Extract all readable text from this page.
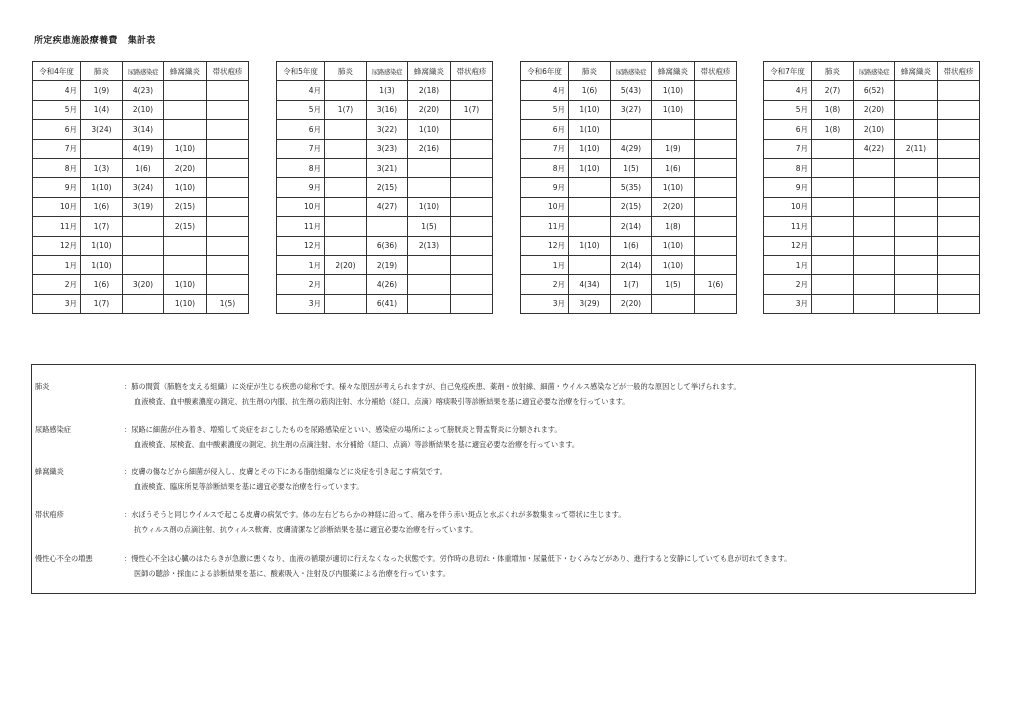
所定疾患施設療養費 集計表
令和4年度	肺炎	尿路感染症	蜂窩織炎	帯状疱疹
4月	1(9)	4(23)		
5月	1(4)	2(10)		
6月	3(24)	3(14)		
7月		4(19)	1(10)	
8月	1(3)	1(6)	2(20)	
9月	1(10)	3(24)	1(10)	
10月	1(6)	3(19)	2(15)	
11月	1(7)		2(15)	
12月	1(10)			
1月	1(10)			
2月	1(6)	3(20)	1(10)	
3月	1(7)		1(10)	1(5)
令和5年度	肺炎	尿路感染症	蜂窩織炎	帯状疱疹
4月		1(3)	2(18)	
5月	1(7)	3(16)	2(20)	1(7)
6月		3(22)	1(10)	
7月		3(23)	2(16)	
8月		3(21)		
9月		2(15)		
10月		4(27)	1(10)	
11月			1(5)	
12月		6(36)	2(13)	
1月	2(20)	2(19)		
2月		4(26)		
3月		6(41)		
令和6年度	肺炎	尿路感染症	蜂窩織炎	帯状疱疹
4月	1(6)	5(43)	1(10)	
5月	1(10)	3(27)	1(10)	
6月	1(10)			
7月	1(10)	4(29)	1(9)	
8月	1(10)	1(5)	1(6)	
9月		5(35)	1(10)	
10月		2(15)	2(20)	
11月		2(14)	1(8)	
12月	1(10)	1(6)	1(10)	
1月		2(14)	1(10)	
2月	4(34)	1(7)	1(5)	1(6)
3月	3(29)	2(20)		
令和7年度	肺炎	尿路感染症	蜂窩織炎	帯状疱疹
4月	2(7)	6(52)		
5月	1(8)	2(20)		
6月	1(8)	2(10)		
7月		4(22)	2(11)	
8月				
9月				
10月				
11月				
12月				
1月				
2月				
3月				
肺炎	：肺の間質（肺胞を支える組織）に炎症が生じる疾患の総称です。様々な原因が考えられますが、自己免疫疾患、薬剤・放射線、細菌・ウイルス感染などが一般的な原因として挙げられます。
血液検査、血中酸素濃度の測定、抗生剤の内服、抗生剤の筋肉注射、水分補給（経口、点滴）喀痰吸引等診断結果を基に適宜必要な治療を行っています。
尿路感染症	：尿路に細菌が住み着き、増殖して炎症をおこしたものを尿路感染症といい、感染症の場所によって膀胱炎と腎盂腎炎に分類されます。
血液検査、尿検査、血中酸素濃度の測定、抗生剤の点滴注射、水分補給（経口、点滴）等診断結果を基に適宜必要な治療を行っています。
蜂窩織炎	：皮膚の傷などから細菌が侵入し、皮膚とその下にある脂肪組織などに炎症を引き起こす病気です。
血液検査、臨床所見等診断結果を基に適宜必要な治療を行っています。
帯状疱疹	：水ぼうそうと同じウイルスで起こる皮膚の病気です。体の左右どちらかの神経に沿って、痛みを伴う赤い斑点と水ぶくれが多数集まって帯状に生じます。
抗ウィルス剤の点滴注射、抗ウィルス軟膏、皮膚清潔など診断結果を基に適宜必要な治療を行っています。
慢性心不全の増悪	：慢性心不全は心臓のはたらきが急激に悪くなり、血液の循環が適切に行えなくなった状態です。労作時の息切れ・体重増加・尿量低下・むくみなどがあり、進行すると安静にしていても息が切れてきます。
医師の聴診・採血による診断結果を基に、酸素吸入・注射及び内服薬による治療を行っています。
